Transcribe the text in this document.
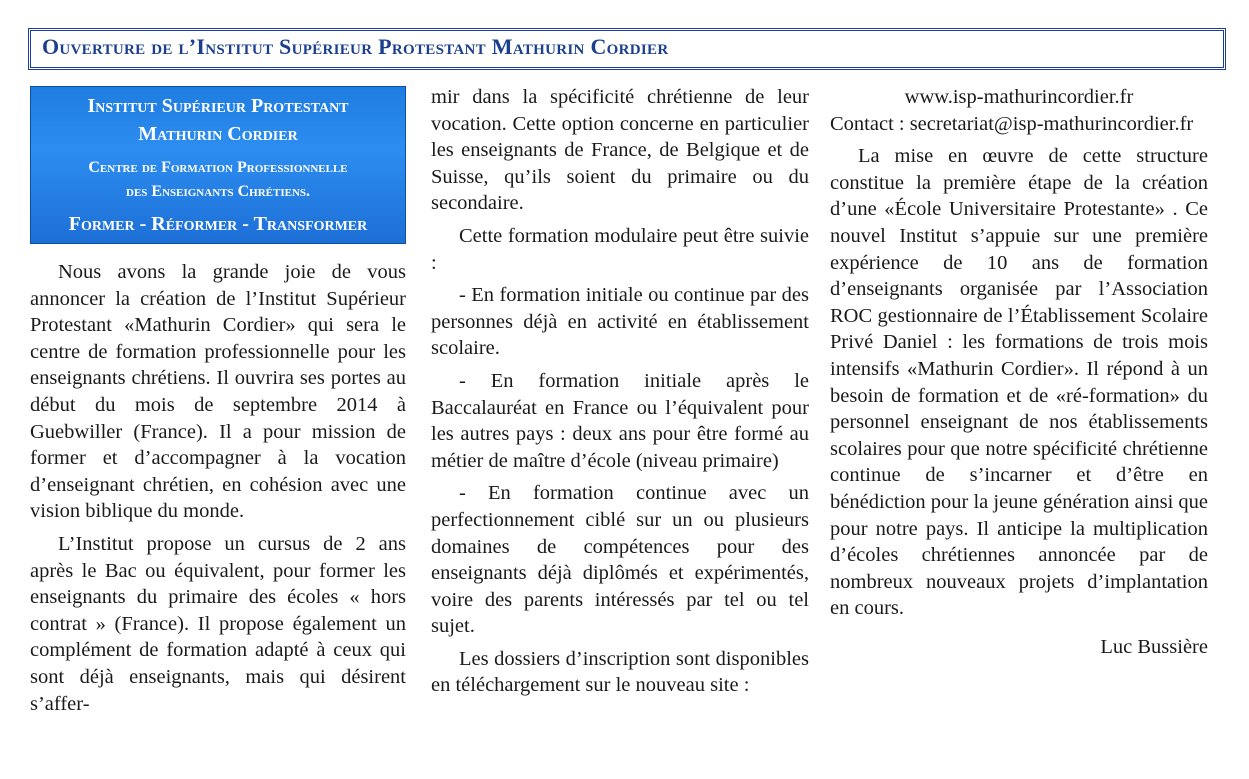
Ouverture de l’Institut Supérieur Protestant Mathurin Cordier
Institut Supérieur Protestant
Mathurin Cordier
Centre de Formation Professionnelle
des Enseignants Chrétiens.
Former - Réformer - Transformer

Nous avons la grande joie de vous annoncer la création de l’Institut Supérieur Protestant «Mathurin Cordier» qui sera le centre de formation professionnelle pour les enseignants chrétiens. Il ouvrira ses portes au début du mois de septembre 2014 à Guebwiller (France). Il a pour mission de former et d’accompagner à la vocation d’enseignant chrétien, en cohésion avec une vision biblique du monde.

L’Institut propose un cursus de 2 ans après le Bac ou équivalent, pour former les enseignants du primaire des écoles « hors contrat » (France). Il propose également un complément de formation adapté à ceux qui sont déjà enseignants, mais qui désirent s’affer-

mir dans la spécificité chrétienne de leur vocation. Cette option concerne en particulier les enseignants de France, de Belgique et de Suisse, qu’ils soient du primaire ou du secondaire.

Cette formation modulaire peut être suivie :

- En formation initiale ou continue par des personnes déjà en activité en établissement scolaire.

- En formation initiale après le Baccalauréat en France ou l’équivalent pour les autres pays : deux ans pour être formé au métier de maître d’école (niveau primaire)

- En formation continue avec un perfectionnement ciblé sur un ou plusieurs domaines de compétences pour des enseignants déjà diplômés et expérimentés, voire des parents intéressés par tel ou tel sujet.

Les dossiers d’inscription sont disponibles en téléchargement sur le nouveau site :

www.isp-mathurincordier.fr

Contact : secretariat@isp-mathurincordier.fr

La mise en œuvre de cette structure constitue la première étape de la création d’une «École Universitaire Protestante» . Ce nouvel Institut s’appuie sur une première expérience de 10 ans de formation d’enseignants organisée par l’Association ROC gestionnaire de l’Établissement Scolaire Privé Daniel : les formations de trois mois intensifs «Mathurin Cordier». Il répond à un besoin de formation et de «ré-formation» du personnel enseignant de nos établissements scolaires pour que notre spécificité chrétienne continue de s’incarner et d’être en bénédiction pour la jeune génération ainsi que pour notre pays. Il anticipe la multiplication d’écoles chrétiennes annoncée par de nombreux nouveaux projets d’implantation en cours.

Luc Bussière
